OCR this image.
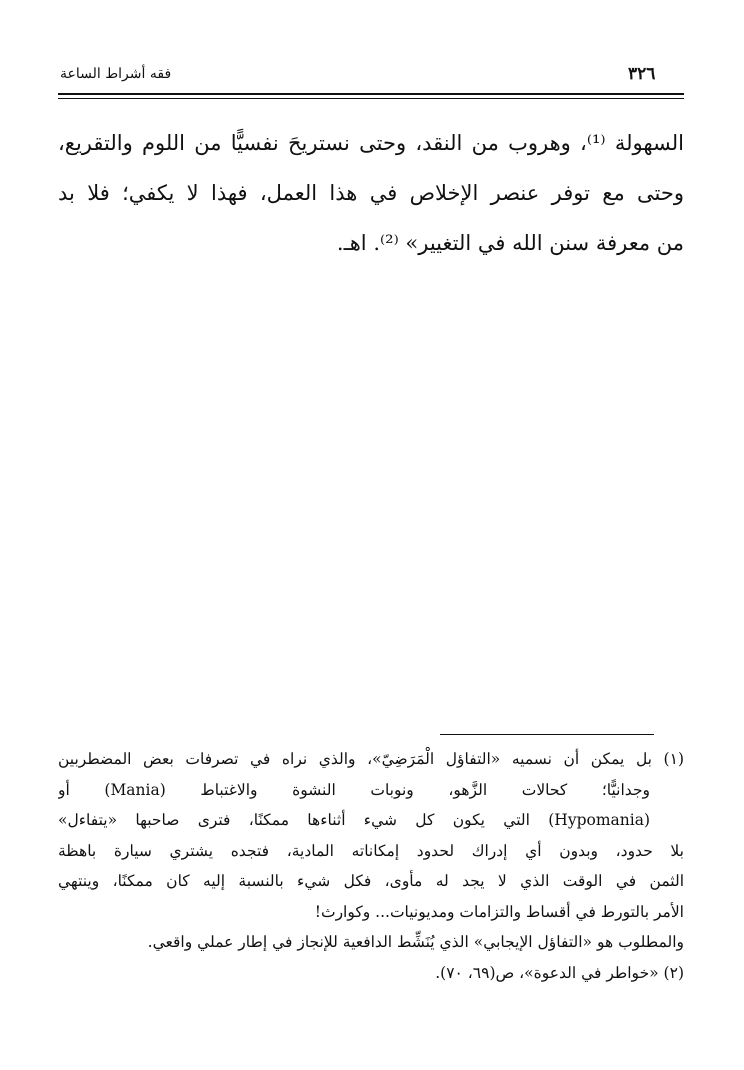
٣٢٦
فقه أشراط الساعة
السهولة ⁽¹⁾، وهروب من النقد، وحتى نستريحَ نفسيًّا من اللوم والتقريع،
وحتى مع توفر عنصر الإخلاص في هذا العمل، فهذا لا يكفي؛ فلا بد
من معرفة سنن الله في التغيير» ⁽²⁾. اهـ.
(١) بل يمكن أن نسميه «التفاؤل الْمَرَضِيّ»، والذي نراه في تصرفات بعض المضطربين
وجدانيًّا؛ كحالات الزَّهو، ونوبات النشوة والاغتباط (Mania) أو
(Hypomania) التي يكون كل شيء أثناءها ممكنًا، فترى صاحبها «يتفاءل»
بلا حدود، وبدون أي إدراك لحدود إمكاناته المادية، فتجده يشتري سيارة باهظة
الثمن في الوقت الذي لا يجد له مأوى، فكل شيء بالنسبة إليه كان ممكنًا، وينتهي
الأمر بالتورط في أقساط والتزامات ومديونيات... وكوارث!
والمطلوب هو «التفاؤل الإيجابي» الذي يُنَشِّط الدافعية للإنجاز في إطار عملي واقعي.
(٢) «خواطر في الدعوة»، ص(٦٩، ٧٠).
